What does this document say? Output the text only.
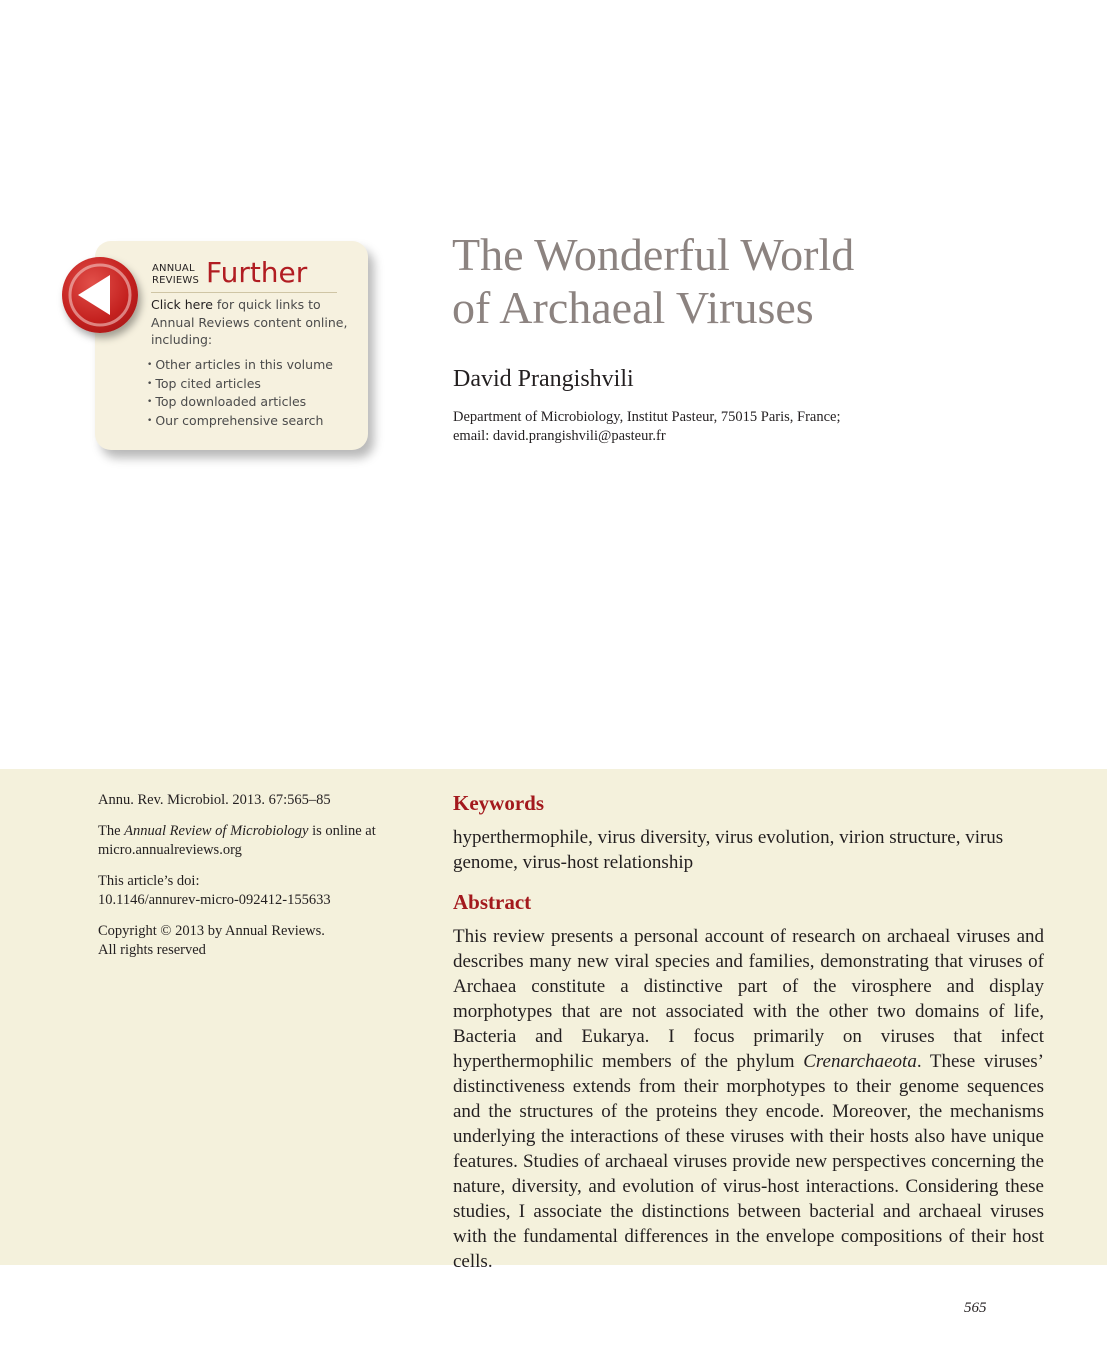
ANNUAL
REVIEWS Further
Click here for quick links to Annual Reviews content online, including:
• Other articles in this volume
• Top cited articles
• Top downloaded articles
• Our comprehensive search
The Wonderful World
of Archaeal Viruses
David Prangishvili
Department of Microbiology, Institut Pasteur, 75015 Paris, France;
email: david.prangishvili@pasteur.fr

Annu. Rev. Microbiol. 2013. 67:565–85

The Annual Review of Microbiology is online at
micro.annualreviews.org

This article’s doi:
10.1146/annurev-micro-092412-155633

Copyright © 2013 by Annual Reviews.
All rights reserved

Keywords
hyperthermophile, virus diversity, virus evolution, virion structure, virus genome, virus-host relationship
Abstract

This review presents a personal account of research on archaeal viruses and describes many new viral species and families, demonstrating that viruses of Archaea constitute a distinctive part of the virosphere and display morphotypes that are not associated with the other two domains of life, Bacteria and Eukarya. I focus primarily on viruses that infect hyperthermophilic members of the phylum Crenarchaeota. These viruses’ distinctiveness extends from their morphotypes to their genome sequences and the structures of the proteins they encode. Moreover, the mechanisms underlying the interactions of these viruses with their hosts also have unique features. Studies of archaeal viruses provide new perspectives concerning the nature, diversity, and evolution of virus-host interactions. Considering these studies, I associate the distinctions between bacterial and archaeal viruses with the fundamental differences in the envelope compositions of their host cells.

565
